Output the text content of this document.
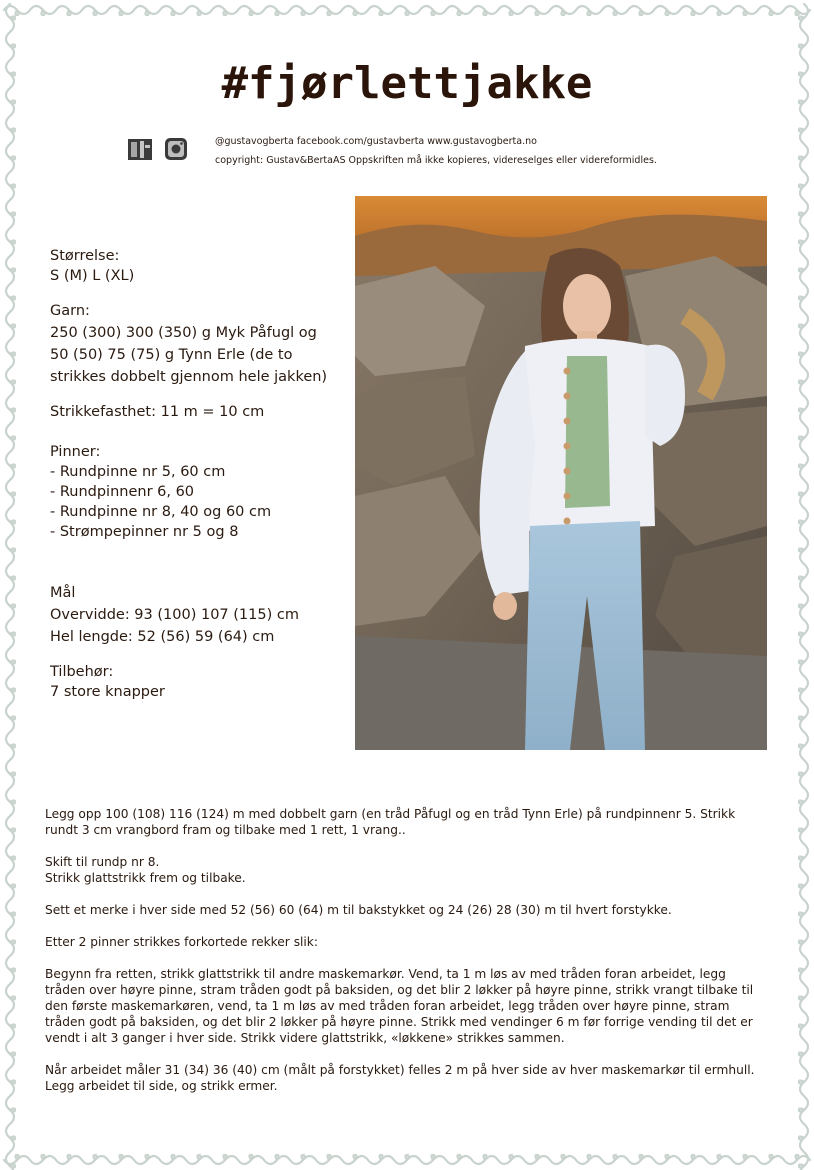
#fjørlettjakke
@gustavogberta facebook.com/gustavberta www.gustavogberta.no
copyright: Gustav&BertaAS Oppskriften må ikke kopieres, videreselges eller videreformidles.

Størrelse:

S (M) L (XL)

Garn:

250 (300) 300 (350) g Myk Påfugl og

50 (50) 75 (75) g Tynn Erle (de to

strikkes dobbelt gjennom hele jakken)

Strikkefasthet: 11 m = 10 cm

Pinner:

- Rundpinne nr 5, 60 cm

- Rundpinnenr 6, 60

- Rundpinne nr 8, 40 og 60 cm

- Strømpepinner nr 5 og 8

Mål

Overvidde: 93 (100) 107 (115) cm

Hel lengde: 52 (56) 59 (64) cm

Tilbehør:

7 store knapper

Legg opp 100 (108) 116 (124) m med dobbelt garn (en tråd Påfugl og en tråd Tynn Erle) på rundpinnenr 5. Strikk rundt 3 cm vrangbord fram og tilbake med 1 rett, 1 vrang..

Skift til rundp nr 8.
Strikk glattstrikk frem og tilbake.

Sett et merke i hver side med 52 (56) 60 (64) m til bakstykket og 24 (26) 28 (30) m til hvert forstykke.

Etter 2 pinner strikkes forkortede rekker slik:

Begynn fra retten, strikk glattstrikk til andre maskemarkør. Vend, ta 1 m løs av med tråden foran arbeidet, legg tråden over høyre pinne, stram tråden godt på baksiden, og det blir 2 løkker på høyre pinne, strikk vrangt tilbake til den første maskemarkøren, vend, ta 1 m løs av med tråden foran arbeidet, legg tråden over høyre pinne, stram tråden godt på baksiden, og det blir 2 løkker på høyre pinne. Strikk med vendinger 6 m før forrige vending til det er vendt i alt 3 ganger i hver side. Strikk videre glattstrikk, «løkkene» strikkes sammen.

Når arbeidet måler 31 (34) 36 (40) cm (målt på forstykket) felles 2 m på hver side av hver maskemarkør til ermhull.
Legg arbeidet til side, og strikk ermer.
